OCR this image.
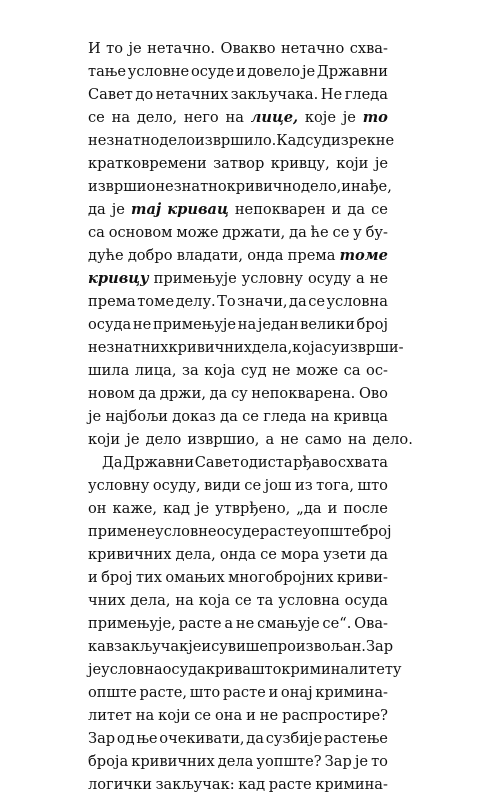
И то је нетачно. Овакво нетачно схва-
тање условне осуде и довело је Државни
Савет до нетачних закључака. Не гледа
се на дело, него на лице, које је то
незнатно дело извршило. Кад суд изрекне
кратковремени затвор кривцу, који је
извршио незнатно кривично дело, и нађе,
да је тај кривац непокварен и да се
са основом може држати, да ће се у бу-
дуће добро владати, онда према томе
кривцу примењује условну осуду а не
према томе делу. То значи, да се условна
осуда не примењује на један велики број
незнатних кривичних дела, која су изврши-
шила лица, за која суд не може са ос-
новом да држи, да су непокварена. Ово
је најбољи доказ да се гледа на кривца
који је дело извршио, а не само на дело.
Да Државни Савет одиста рђаво схвата
условну осуду, види се још из тога, што
он каже, кад је утврђено, „да и после
примене условне осуде расте у опште број
кривичних дела, онда се мора узети да
и број тих омањих многобројних криви-
чних дела, на која се та условна осуда
примењује, расте а не смањује се“. Ова-
кав закључак је и сувише произвољан. Зар
је условна осуда крива што криминалитет у
опште расте, што расте и онај кримина-
литет на који се она и не распростире?
Зар од ње очекивати, да сузбије растење
броја кривичних дела уопште? Зар је то
логички закључак: кад расте кримина-
